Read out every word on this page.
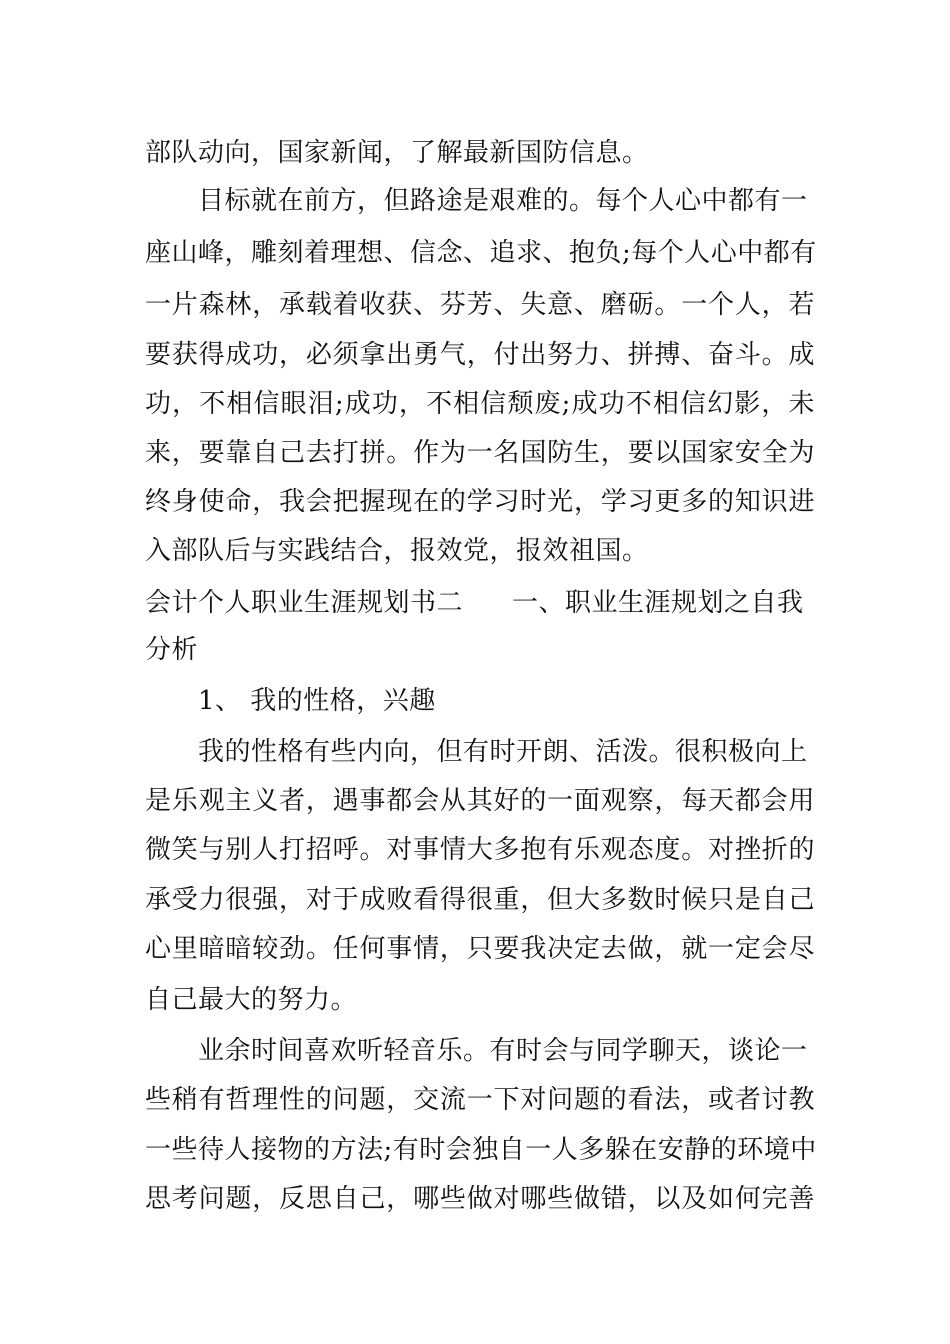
部队动向，国家新闻，了解最新国防信息。
目标就在前方，但路途是艰难的。每个人心中都有一
座山峰，雕刻着理想、信念、追求、抱负;每个人心中都有
一片森林，承载着收获、芬芳、失意、磨砺。一个人，若
要获得成功，必须拿出勇气，付出努力、拼搏、奋斗。成
功，不相信眼泪;成功，不相信颓废;成功不相信幻影，未
来，要靠自己去打拼。作为一名国防生，要以国家安全为
终身使命，我会把握现在的学习时光，学习更多的知识进
入部队后与实践结合，报效党，报效祖国。
会计个人职业生涯规划书二 一、职业生涯规划之自我
分析
1、 我的性格，兴趣
我的性格有些内向，但有时开朗、活泼。很积极向上
是乐观主义者，遇事都会从其好的一面观察，每天都会用
微笑与别人打招呼。对事情大多抱有乐观态度。对挫折的
承受力很强，对于成败看得很重，但大多数时候只是自己
心里暗暗较劲。任何事情，只要我决定去做，就一定会尽
自己最大的努力。
业余时间喜欢听轻音乐。有时会与同学聊天，谈论一
些稍有哲理性的问题，交流一下对问题的看法，或者讨教
一些待人接物的方法;有时会独自一人多躲在安静的环境中
思考问题，反思自己，哪些做对哪些做错，以及如何完善
